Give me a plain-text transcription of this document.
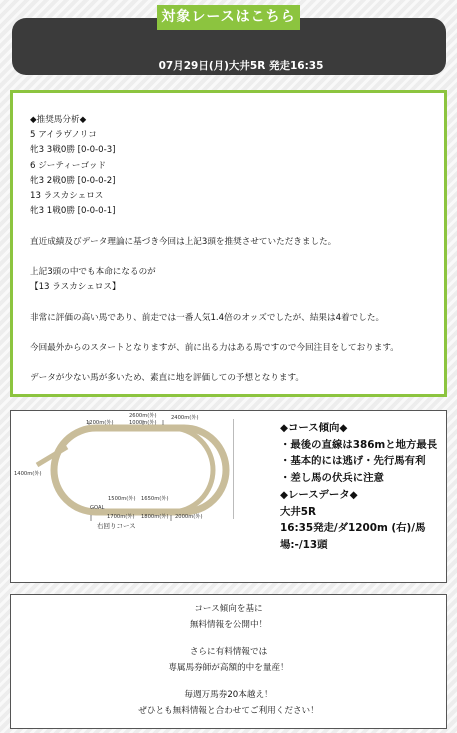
07月29日(月)大井5R 発走16:35
対象レースはこちら
◆推奨馬分析◆
5 アイラヴノリコ
牝3 3戦0勝 [0-0-0-3]
6 ジーティーゴッド
牝3 2戦0勝 [0-0-0-2]
13 ラスカシェロス
牝3 1戦0勝 [0-0-0-1]
直近成績及びデータ理論に基づき今回は上記3頭を推奨させていただきました。
上記3頭の中でも本命になるのが
【13 ラスカシェロス】
非常に評価の高い馬であり、前走では一番人気1.4倍のオッズでしたが、結果は4着でした。
今回最外からのスタートとなりますが、前に出る力はある馬ですので今回注目をしております。
データが少ない馬が多いため、素直に地を評価しての予想となります。
OI RACECOURSE
2600m(外)
1000m(外)
1200m(外)
2400m(外)
1400m(外)
1500m(外) 1650m(外)
GOAL
1700m(外) 1800m(外) 2000m(外)
右回りコース
◆コース傾向◆
・最後の直線は386mと地方最長
・基本的には逃げ・先行馬有利
・差し馬の伏兵に注意
◆レースデータ◆
大井5R
16:35発走/ダ1200m (右)/馬場:-/13頭
コース傾向を基に
無料情報を公開中！
さらに有料情報では
専属馬券師が高額的中を量産！
毎週万馬券20本越え！
ぜひとも無料情報と合わせてご利用ください！
